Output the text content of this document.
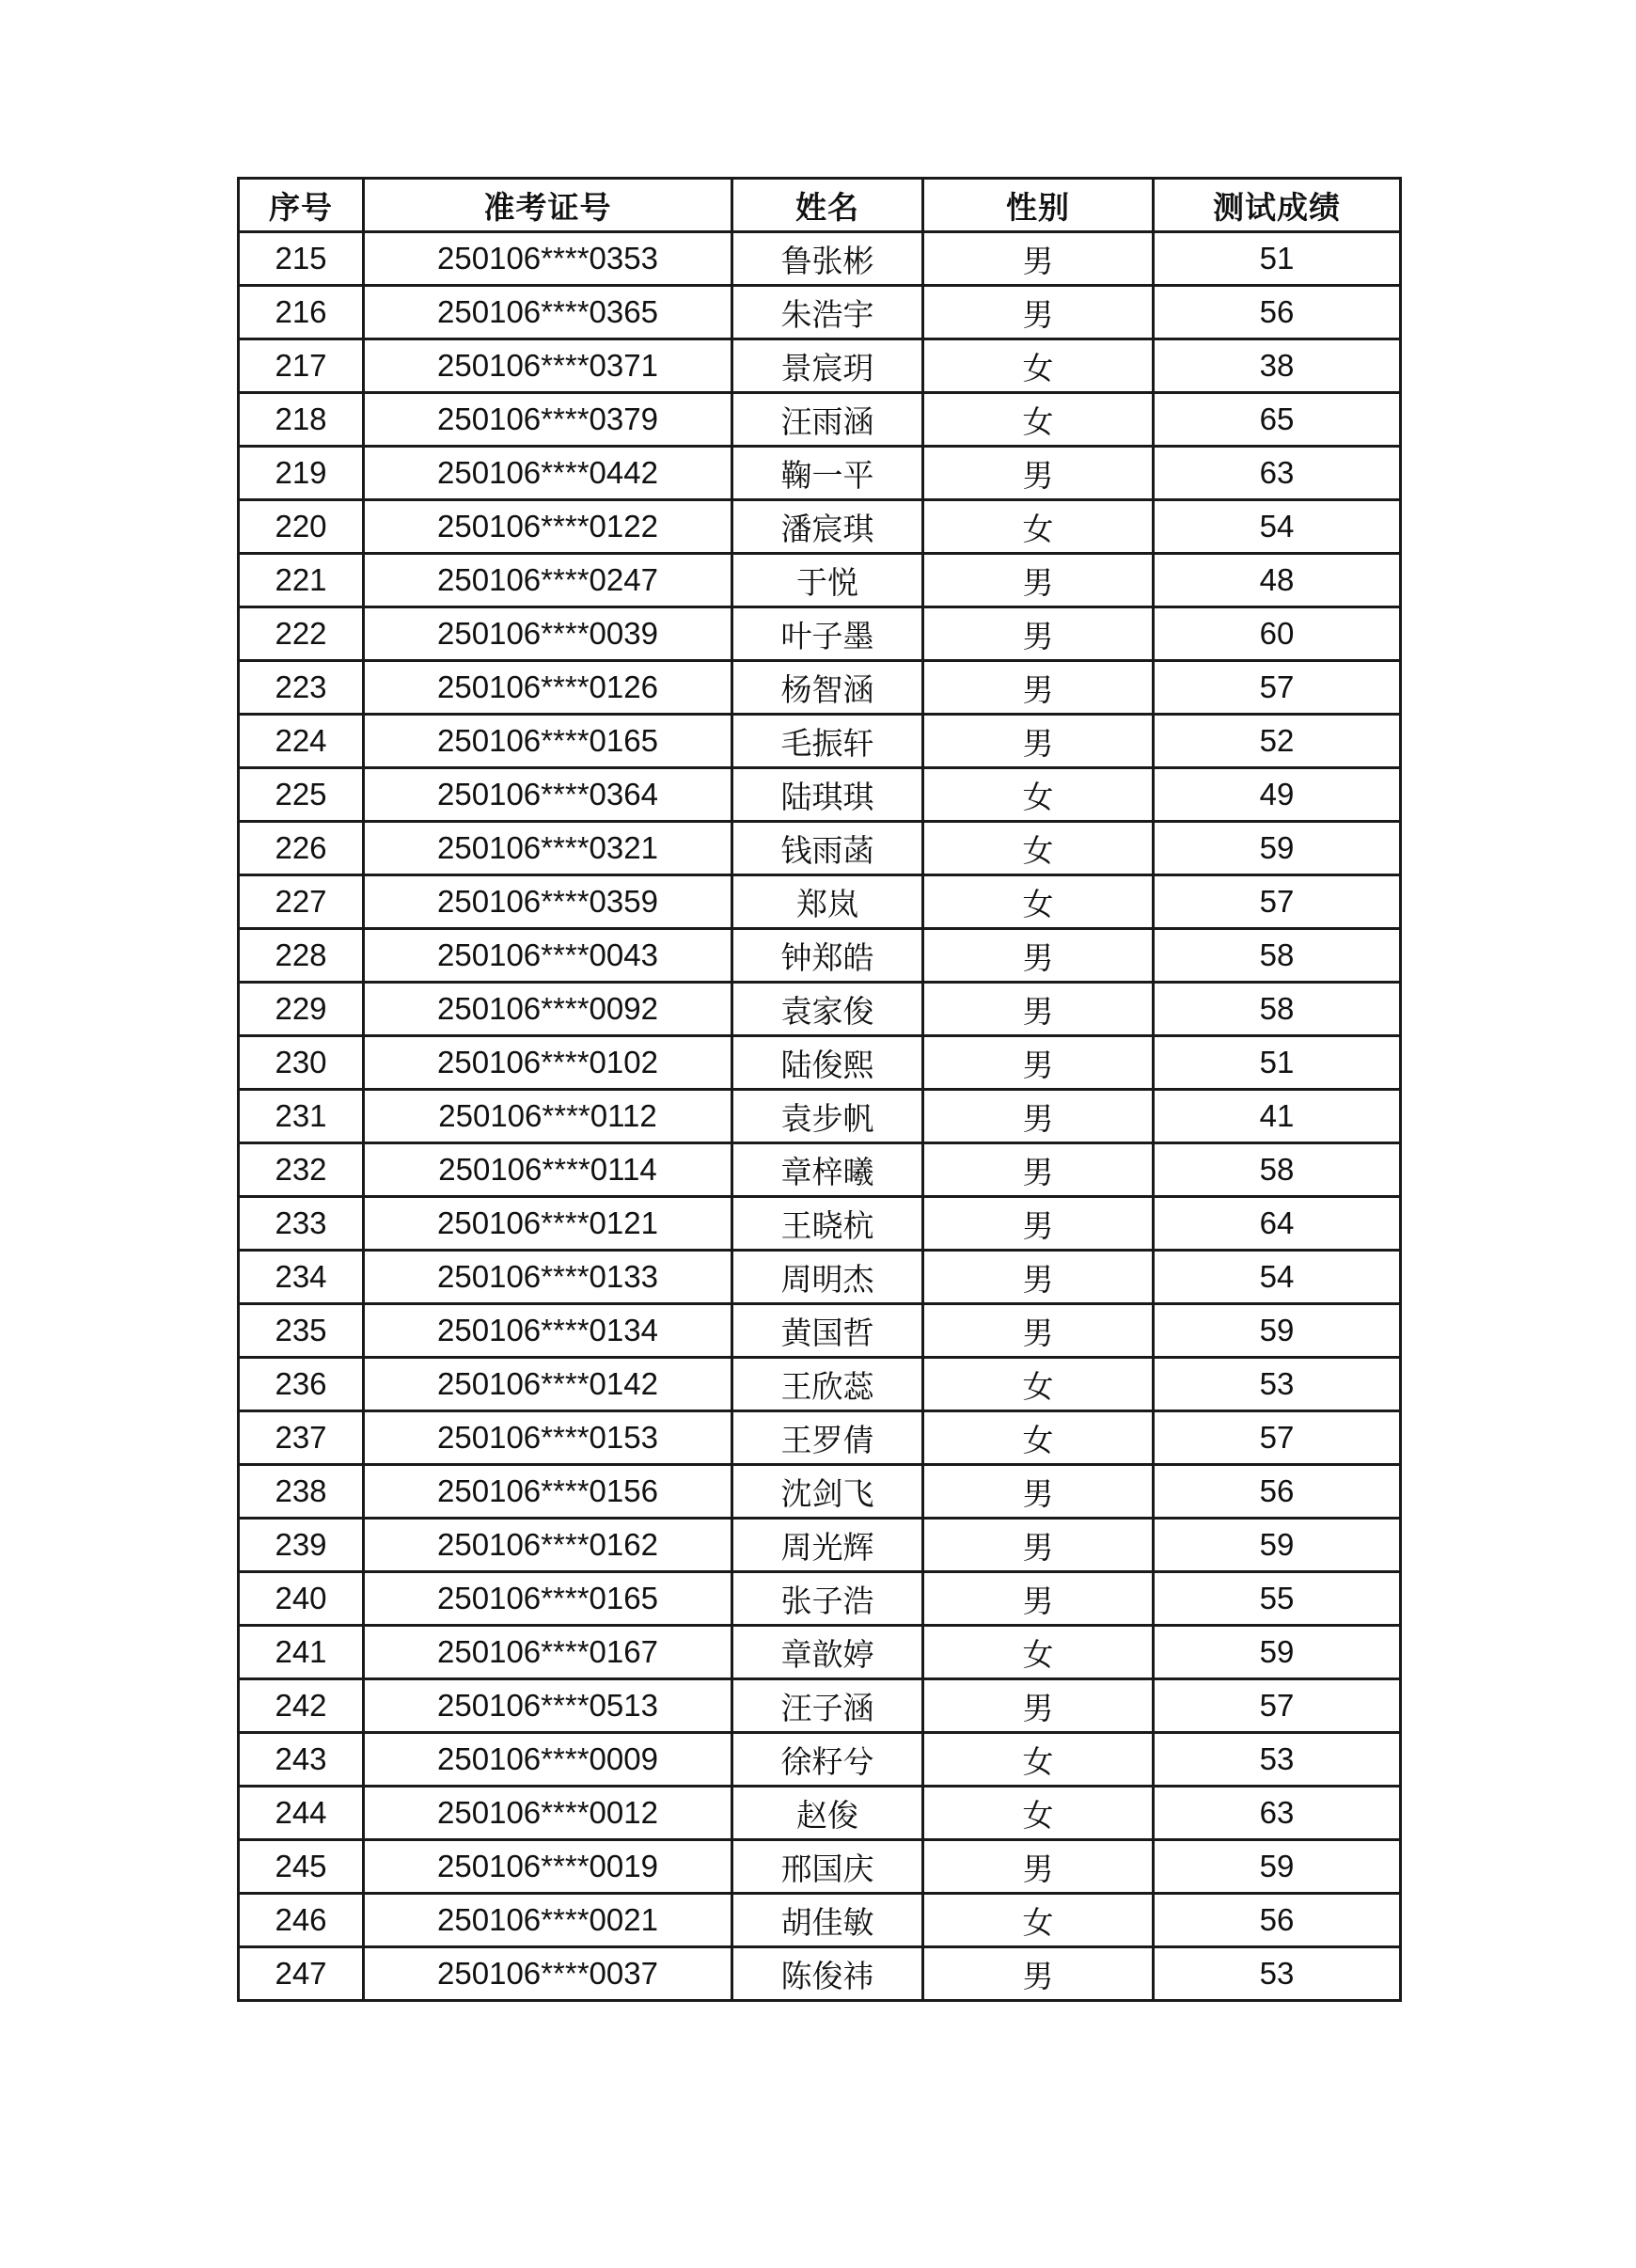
序号	准考证号	姓名	性别	测试成绩
215	250106****0353	鲁张彬	男	51
216	250106****0365	朱浩宇	男	56
217	250106****0371	景宸玥	女	38
218	250106****0379	汪雨涵	女	65
219	250106****0442	鞠一平	男	63
220	250106****0122	潘宸琪	女	54
221	250106****0247	于悦	男	48
222	250106****0039	叶子墨	男	60
223	250106****0126	杨智涵	男	57
224	250106****0165	毛振轩	男	52
225	250106****0364	陆琪琪	女	49
226	250106****0321	钱雨菡	女	59
227	250106****0359	郑岚	女	57
228	250106****0043	钟郑皓	男	58
229	250106****0092	袁家俊	男	58
230	250106****0102	陆俊熙	男	51
231	250106****0112	袁步帆	男	41
232	250106****0114	章梓曦	男	58
233	250106****0121	王晓杭	男	64
234	250106****0133	周明杰	男	54
235	250106****0134	黄国哲	男	59
236	250106****0142	王欣蕊	女	53
237	250106****0153	王罗倩	女	57
238	250106****0156	沈剑飞	男	56
239	250106****0162	周光辉	男	59
240	250106****0165	张子浩	男	55
241	250106****0167	章歆婷	女	59
242	250106****0513	汪子涵	男	57
243	250106****0009	徐籽兮	女	53
244	250106****0012	赵俊	女	63
245	250106****0019	邢国庆	男	59
246	250106****0021	胡佳敏	女	56
247	250106****0037	陈俊祎	男	53
